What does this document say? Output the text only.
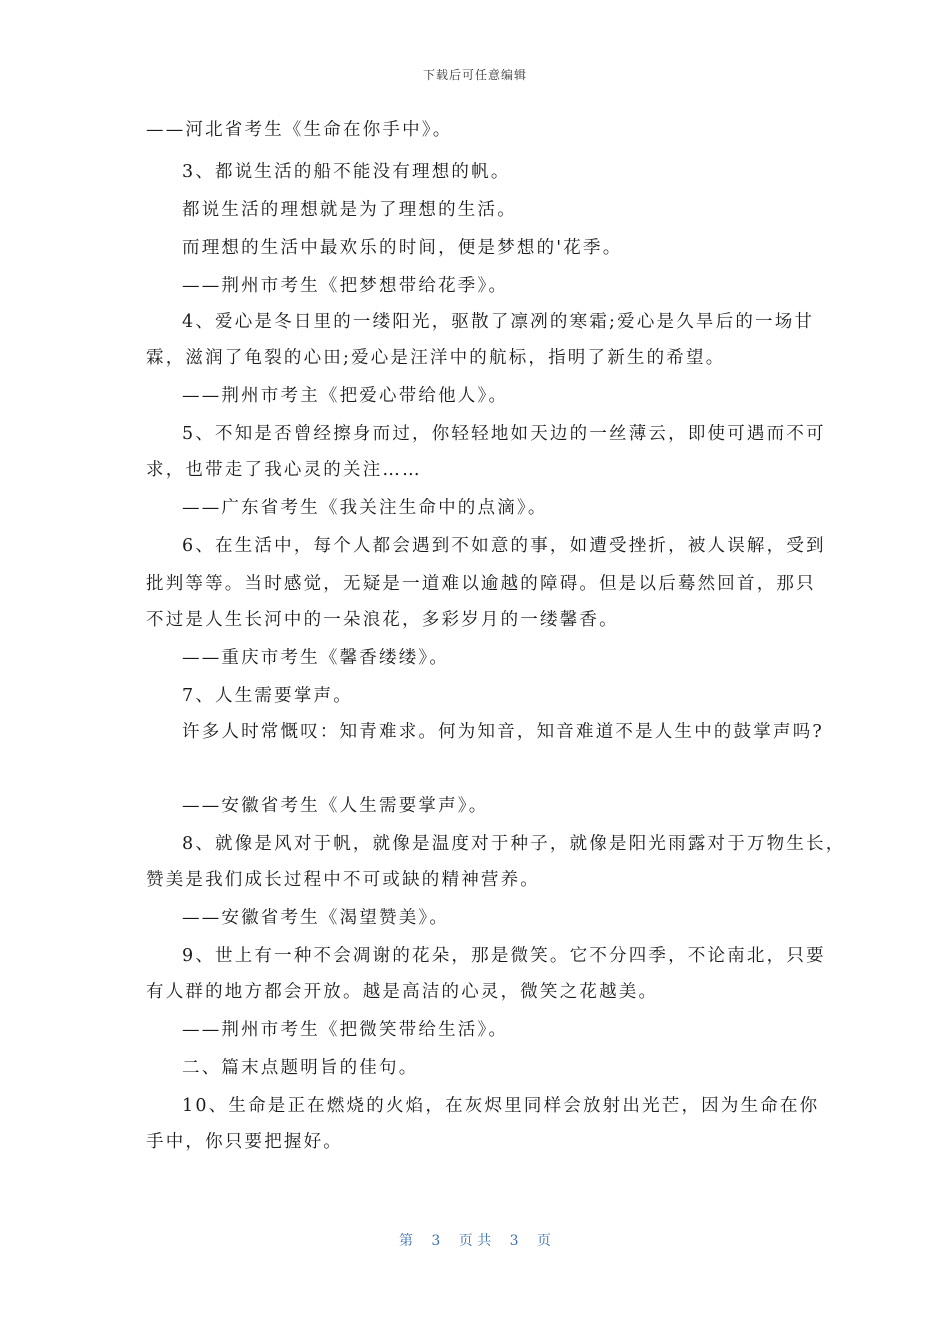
下载后可任意编辑
——河北省考生《生命在你手中》。
3、都说生活的船不能没有理想的帆。
都说生活的理想就是为了理想的生活。
而理想的生活中最欢乐的时间，便是梦想的'花季。
——荆州市考生《把梦想带给花季》。
4、爱心是冬日里的一缕阳光，驱散了凛冽的寒霜;爱心是久旱后的一场甘
霖，滋润了龟裂的心田;爱心是汪洋中的航标，指明了新生的希望。
——荆州市考主《把爱心带给他人》。
5、不知是否曾经擦身而过，你轻轻地如天边的一丝薄云，即使可遇而不可
求，也带走了我心灵的关注……
——广东省考生《我关注生命中的点滴》。
6、在生活中，每个人都会遇到不如意的事，如遭受挫折，被人误解，受到
批判等等。当时感觉，无疑是一道难以逾越的障碍。但是以后蓦然回首，那只
不过是人生长河中的一朵浪花，多彩岁月的一缕馨香。
——重庆市考生《馨香缕缕》。
7、人生需要掌声。
许多人时常慨叹：知青难求。何为知音，知音难道不是人生中的鼓掌声吗?
——安徽省考生《人生需要掌声》。
8、就像是风对于帆，就像是温度对于种子，就像是阳光雨露对于万物生长，
赞美是我们成长过程中不可或缺的精神营养。
——安徽省考生《渴望赞美》。
9、世上有一种不会凋谢的花朵，那是微笑。它不分四季，不论南北，只要
有人群的地方都会开放。越是高洁的心灵，微笑之花越美。
——荆州市考生《把微笑带给生活》。
二、篇末点题明旨的佳句。
10、生命是正在燃烧的火焰，在灰烬里同样会放射出光芒，因为生命在你
手中，你只要把握好。
第 3 页 共 3 页
